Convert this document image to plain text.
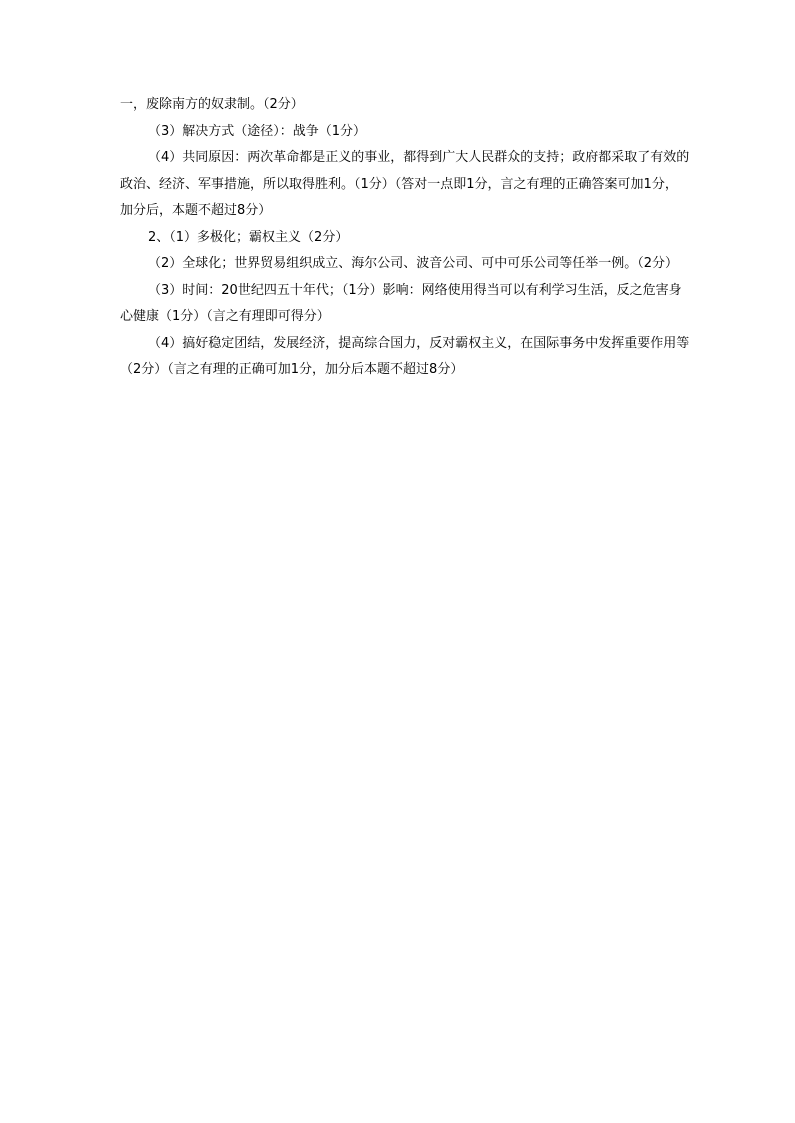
一，废除南方的奴隶制。（2分）
（3）解决方式（途径）：战争（1分）
（4）共同原因：两次革命都是正义的事业，都得到广大人民群众的支持；政府都采取了有效的
政治、经济、军事措施，所以取得胜利。（1分）（答对一点即1分，言之有理的正确答案可加1分，
加分后，本题不超过8分）
2、（1）多极化；霸权主义（2分）
（2）全球化；世界贸易组织成立、海尔公司、波音公司、可中可乐公司等任举一例。（2分）
（3）时间：20世纪四五十年代；（1分）影响：网络使用得当可以有利学习生活，反之危害身
心健康（1分）（言之有理即可得分）
（4）搞好稳定团结，发展经济，提高综合国力，反对霸权主义，在国际事务中发挥重要作用等
（2分）（言之有理的正确可加1分，加分后本题不超过8分）
